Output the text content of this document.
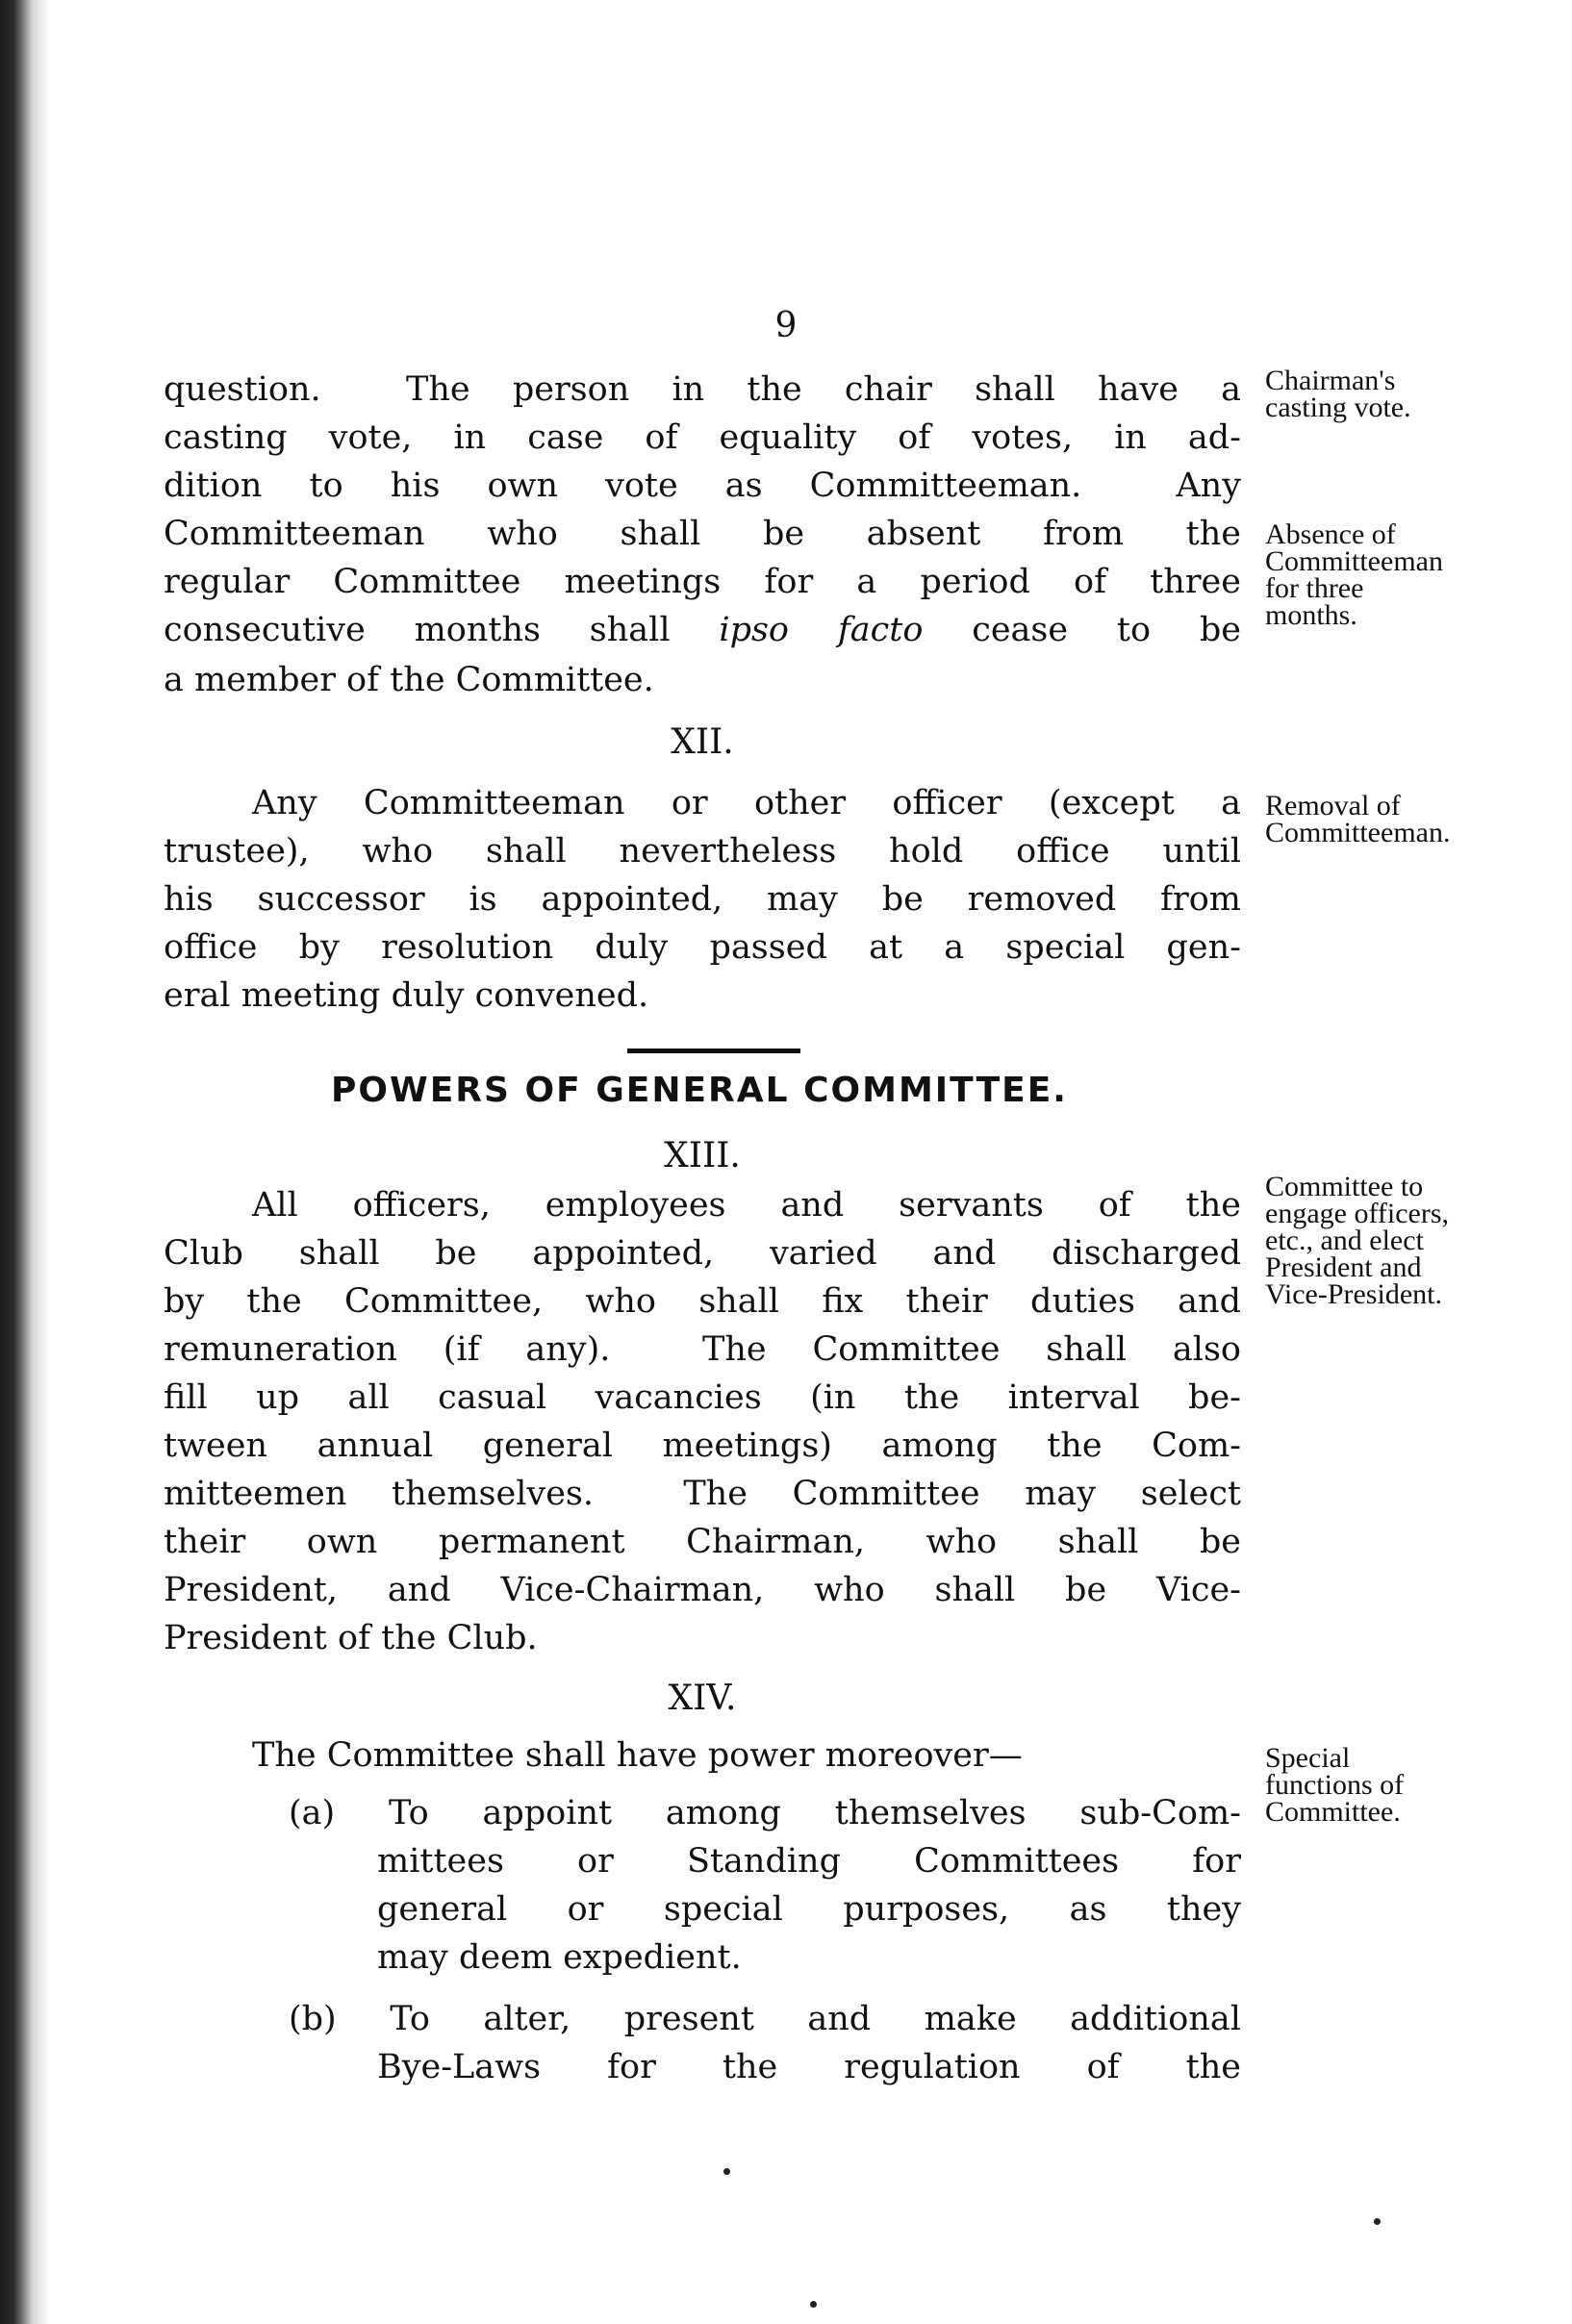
9
question.  The person in the chair shall have a
casting vote, in case of equality of votes, in ad-
dition to his own vote as Committeeman.  Any
Committeeman who shall be absent from the
regular Committee meetings for a period of three
consecutive months shall ipso facto cease to be
a member of the Committee.
XII.
Any Committeeman or other officer (except a
trustee), who shall nevertheless hold office until
his successor is appointed, may be removed from
office by resolution duly passed at a special gen-
eral meeting duly convened.
POWERS OF GENERAL COMMITTEE.
XIII.
All officers, employees and servants of the
Club shall be appointed, varied and discharged
by the Committee, who shall fix their duties and
remuneration (if any).  The Committee shall also
fill up all casual vacancies (in the interval be-
tween annual general meetings) among the Com-
mitteemen themselves.  The Committee may select
their own permanent Chairman, who shall be
President, and Vice-Chairman, who shall be Vice-
President of the Club.
XIV.
The Committee shall have power moreover—
(a) To appoint among themselves sub-Com-
mittees or Standing Committees for
general or special purposes, as they
may deem expedient.
(b) To alter, present and make additional
Bye-Laws for the regulation of the
Chairman's
casting vote.
Absence of
Committeeman
for three
months.
Removal of
Committeeman.
Committee to
engage officers,
etc., and elect
President and
Vice-President.
Special
functions of
Committee.
